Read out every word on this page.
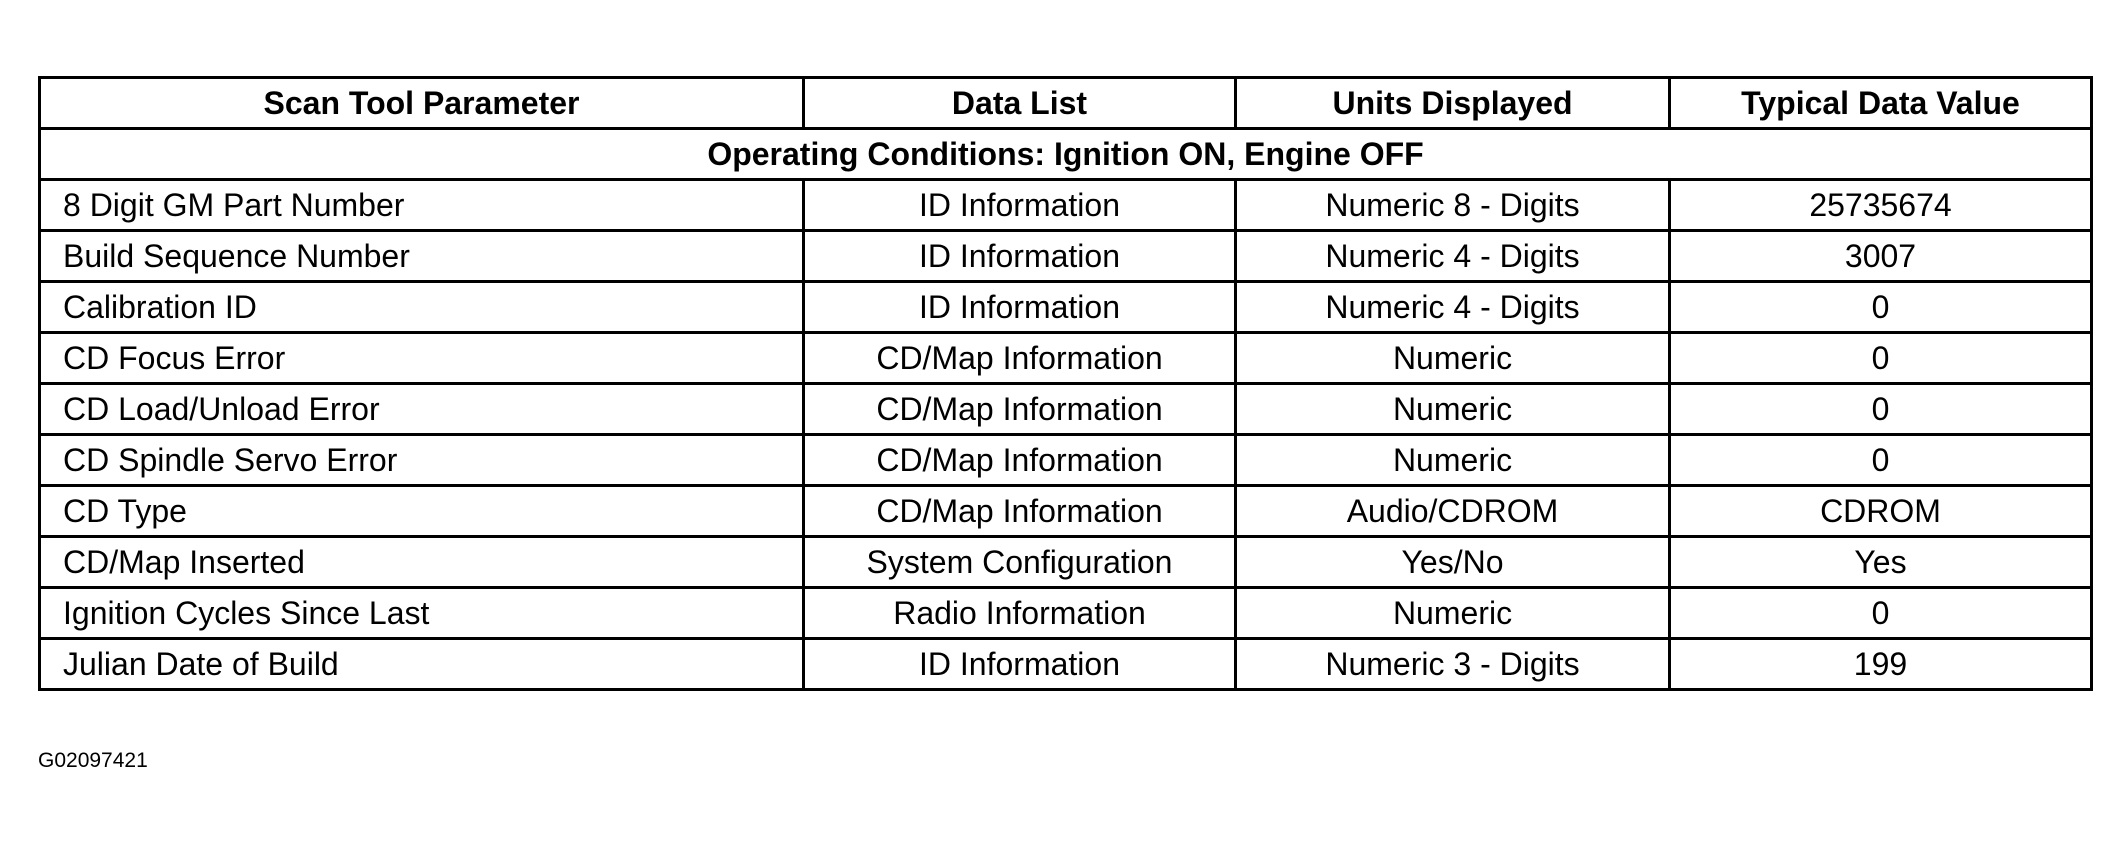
Scan Tool Parameter	Data List	Units Displayed	Typical Data Value
Operating Conditions: Ignition ON, Engine OFF			
8 Digit GM Part Number	ID Information	Numeric 8 - Digits	25735674
Build Sequence Number	ID Information	Numeric 4 - Digits	3007
Calibration ID	ID Information	Numeric 4 - Digits	0
CD Focus Error	CD/Map Information	Numeric	0
CD Load/Unload Error	CD/Map Information	Numeric	0
CD Spindle Servo Error	CD/Map Information	Numeric	0
CD Type	CD/Map Information	Audio/CDROM	CDROM
CD/Map Inserted	System Configuration	Yes/No	Yes
Ignition Cycles Since Last	Radio Information	Numeric	0
Julian Date of Build	ID Information	Numeric 3 - Digits	199
G02097421
